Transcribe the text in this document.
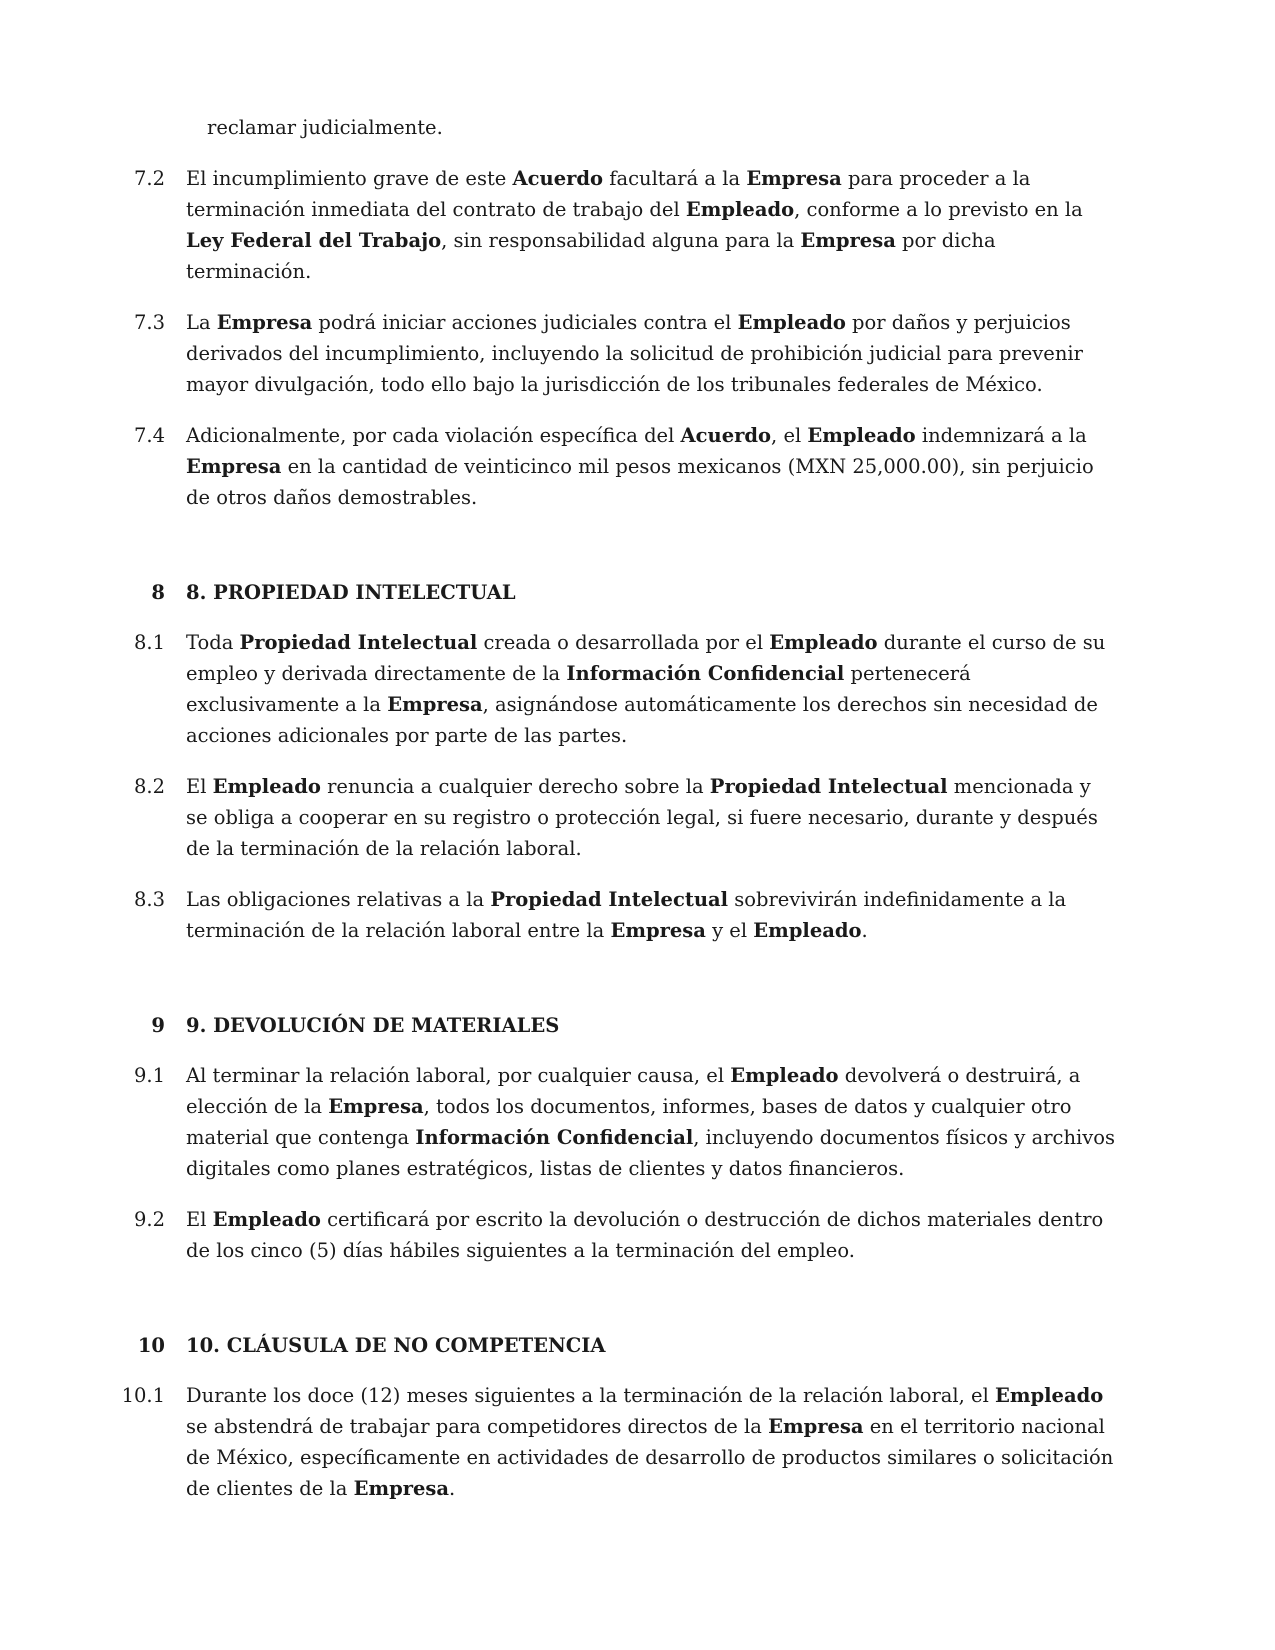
reclamar judicialmente.
7.2	El incumplimiento grave de este Acuerdo facultará a la Empresa para proceder a la terminación inmediata del contrato de trabajo del Empleado, conforme a lo previsto en la Ley Federal del Trabajo, sin responsabilidad alguna para la Empresa por dicha terminación.
7.3	La Empresa podrá iniciar acciones judiciales contra el Empleado por daños y perjuicios derivados del incumplimiento, incluyendo la solicitud de prohibición judicial para prevenir mayor divulgación, todo ello bajo la jurisdicción de los tribunales federales de México.
7.4	Adicionalmente, por cada violación específica del Acuerdo, el Empleado indemnizará a la Empresa en la cantidad de veinticinco mil pesos mexicanos (MXN 25,000.00), sin perjuicio de otros daños demostrables.
8	8. PROPIEDAD INTELECTUAL
8.1	Toda Propiedad Intelectual creada o desarrollada por el Empleado durante el curso de su empleo y derivada directamente de la Información Confidencial pertenecerá exclusivamente a la Empresa, asignándose automáticamente los derechos sin necesidad de acciones adicionales por parte de las partes.
8.2	El Empleado renuncia a cualquier derecho sobre la Propiedad Intelectual mencionada y se obliga a cooperar en su registro o protección legal, si fuere necesario, durante y después de la terminación de la relación laboral.
8.3	Las obligaciones relativas a la Propiedad Intelectual sobrevivirán indefinidamente a la terminación de la relación laboral entre la Empresa y el Empleado.
9	9. DEVOLUCIÓN DE MATERIALES
9.1	Al terminar la relación laboral, por cualquier causa, el Empleado devolverá o destruirá, a elección de la Empresa, todos los documentos, informes, bases de datos y cualquier otro material que contenga Información Confidencial, incluyendo documentos físicos y archivos digitales como planes estratégicos, listas de clientes y datos financieros.
9.2	El Empleado certificará por escrito la devolución o destrucción de dichos materiales dentro de los cinco (5) días hábiles siguientes a la terminación del empleo.
10	10. CLÁUSULA DE NO COMPETENCIA
10.1	Durante los doce (12) meses siguientes a la terminación de la relación laboral, el Empleado se abstendrá de trabajar para competidores directos de la Empresa en el territorio nacional de México, específicamente en actividades de desarrollo de productos similares o solicitación de clientes de la Empresa.
